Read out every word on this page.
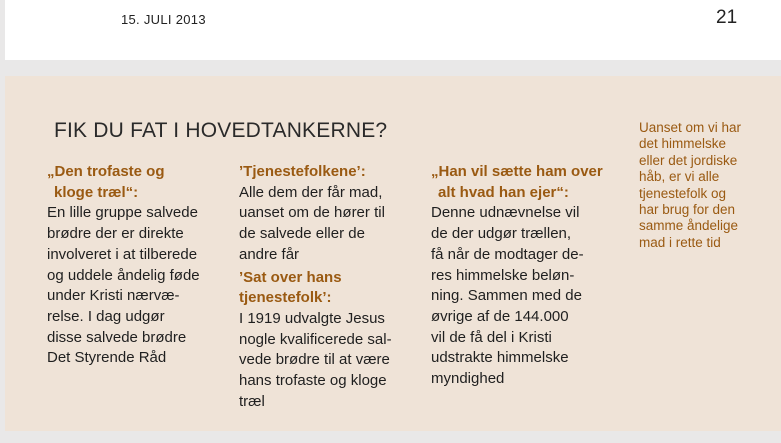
15. JULI 2013	21
FIK DU FAT I HOVEDTANKERNE?
„Den trofaste og
kloge træl“:
En lille gruppe salvede
brødre der er direkte
involveret i at tilberede
og uddele åndelig føde
under Kristi nærvæ-
relse. I dag udgør
disse salvede brødre
Det Styrende Råd
’Tjenestefolkene’:
Alle dem der får mad,
uanset om de hører til
de salvede eller de
andre får
’Sat over hans
tjenestefolk’:
I 1919 udvalgte Jesus
nogle kvalificerede sal-
vede brødre til at være
hans trofaste og kloge
træl
„Han vil sætte ham over
alt hvad han ejer“:
Denne udnævnelse vil
de der udgør trællen,
få når de modtager de-
res himmelske beløn-
ning. Sammen med de
øvrige af de 144.000
vil de få del i Kristi
udstrakte himmelske
myndighed
Uanset om vi har
det himmelske
eller det jordiske
håb, er vi alle
tjenestefolk og
har brug for den
samme åndelige
mad i rette tid
